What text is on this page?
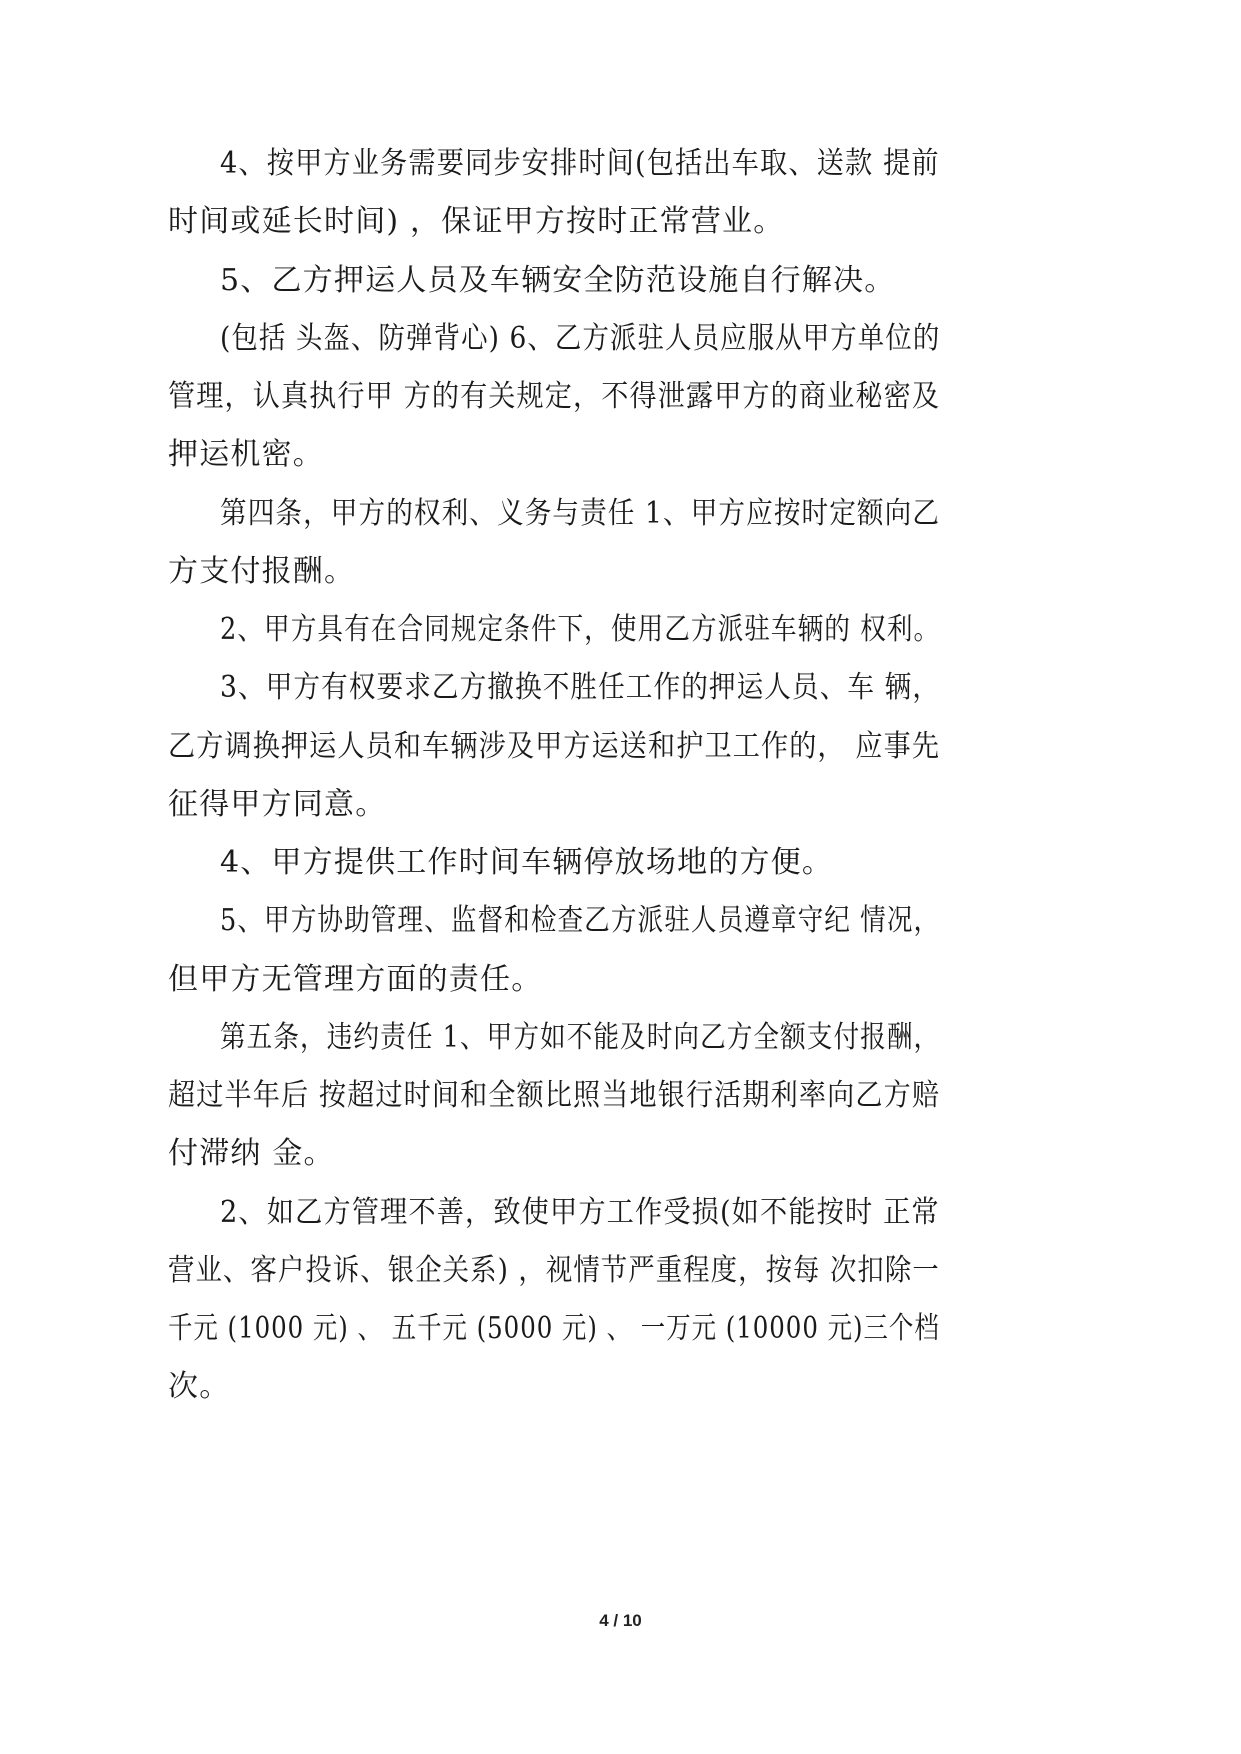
4、按甲方业务需要同步安排时间(包括出车取、送款 提前

时间或延长时间) ，保证甲方按时正常营业。

5、乙方押运人员及车辆安全防范设施自行解决。

(包括 头盔、防弹背心) 6、乙方派驻人员应服从甲方单位的

管理，认真执行甲 方的有关规定，不得泄露甲方的商业秘密及

押运机密。

第四条，甲方的权利、义务与责任 1、甲方应按时定额向乙

方支付报酬。

2、甲方具有在合同规定条件下，使用乙方派驻车辆的 权利。

3、甲方有权要求乙方撤换不胜任工作的押运人员、车 辆，

乙方调换押运人员和车辆涉及甲方运送和护卫工作的， 应事先

征得甲方同意。

4、甲方提供工作时间车辆停放场地的方便。

5、甲方协助管理、监督和检查乙方派驻人员遵章守纪 情况，

但甲方无管理方面的责任。

第五条，违约责任 1、甲方如不能及时向乙方全额支付报酬，

超过半年后 按超过时间和全额比照当地银行活期利率向乙方赔

付滞纳 金。

2、如乙方管理不善，致使甲方工作受损(如不能按时 正常

营业、客户投诉、银企关系) ，视情节严重程度，按每 次扣除一

千元 (1000 元) 、 五千元 (5000 元) 、 一万元 (10000 元)三个档

次。

4 / 10
